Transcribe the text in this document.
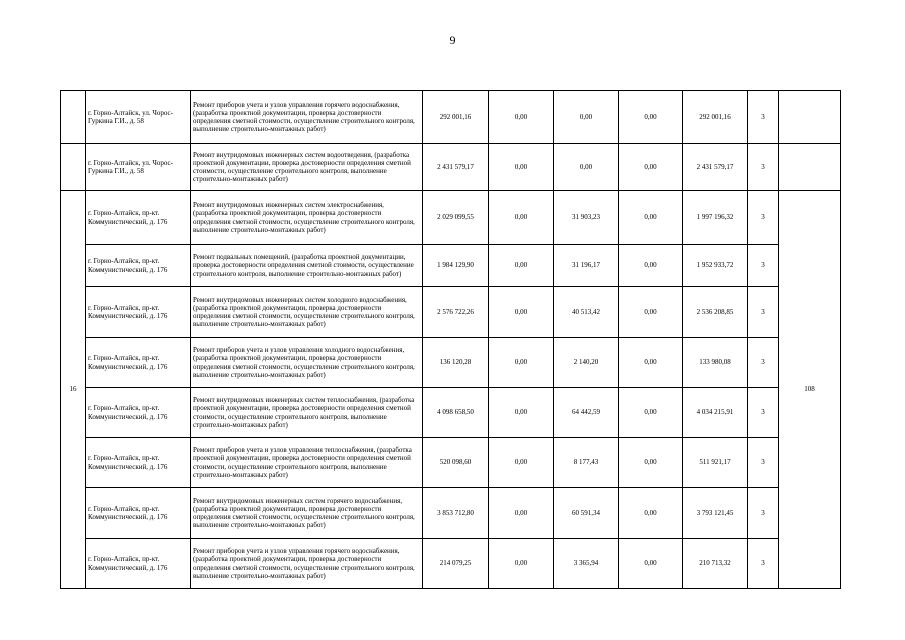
9
	г. Горно-Алтайск, ул. Чорос-Гуркина Г.И., д. 58	Ремонт приборов учета и узлов управления горячего водоснабжения, (разработка проектной документации, проверка достоверности определения сметной стоимости, осуществление строительного контроля, выполнение строительно-монтажных работ)	292 001,16	0,00	0,00	0,00	292 001,16	3	
	г. Горно-Алтайск, ул. Чорос-Гуркина Г.И., д. 58	Ремонт внутридомовых инженерных систем водоотведения, (разработка проектной документации, проверка достоверности определения сметной стоимости, осуществление строительного контроля, выполнение строительно-монтажных работ)	2 431 579,17	0,00	0,00	0,00	2 431 579,17	3	
16	г. Горно-Алтайск, пр-кт. Коммунистический, д. 176	Ремонт внутридомовых инженерных систем электроснабжения, (разработка проектной документации, проверка достоверности определения сметной стоимости, осуществление строительного контроля, выполнение строительно-монтажных работ)	2 029 099,55	0,00	31 903,23	0,00	1 997 196,32	3	108
	г. Горно-Алтайск, пр-кт. Коммунистический, д. 176	Ремонт подвальных помещений, (разработка проектной документации, проверка достоверности определения сметной стоимости, осуществление строительного контроля, выполнение строительно-монтажных работ)	1 984 129,90	0,00	31 196,17	0,00	1 952 933,72	3	
	г. Горно-Алтайск, пр-кт. Коммунистический, д. 176	Ремонт внутридомовых инженерных систем холодного водоснабжения, (разработка проектной документации, проверка достоверности определения сметной стоимости, осуществление строительного контроля, выполнение строительно-монтажных работ)	2 576 722,26	0,00	40 513,42	0,00	2 536 208,85	3	
	г. Горно-Алтайск, пр-кт. Коммунистический, д. 176	Ремонт приборов учета и узлов управления холодного водоснабжения, (разработка проектной документации, проверка достоверности определения сметной стоимости, осуществление строительного контроля, выполнение строительно-монтажных работ)	136 120,28	0,00	2 140,20	0,00	133 980,08	3	
	г. Горно-Алтайск, пр-кт. Коммунистический, д. 176	Ремонт внутридомовых инженерных систем теплоснабжения, (разработка проектной документации, проверка достоверности определения сметной стоимости, осуществление строительного контроля, выполнение строительно-монтажных работ)	4 098 658,50	0,00	64 442,59	0,00	4 034 215,91	3	
	г. Горно-Алтайск, пр-кт. Коммунистический, д. 176	Ремонт приборов учета и узлов управления теплоснабжения, (разработка проектной документации, проверка достоверности определения сметной стоимости, осуществление строительного контроля, выполнение строительно-монтажных работ)	520 098,60	0,00	8 177,43	0,00	511 921,17	3	
	г. Горно-Алтайск, пр-кт. Коммунистический, д. 176	Ремонт внутридомовых инженерных систем горячего водоснабжения, (разработка проектной документации, проверка достоверности определения сметной стоимости, осуществление строительного контроля, выполнение строительно-монтажных работ)	3 853 712,80	0,00	60 591,34	0,00	3 793 121,45	3	
	г. Горно-Алтайск, пр-кт. Коммунистический, д. 176	Ремонт приборов учета и узлов управления горячего водоснабжения, (разработка проектной документации, проверка достоверности определения сметной стоимости, осуществление строительного контроля, выполнение строительно-монтажных работ)	214 079,25	0,00	3 365,94	0,00	210 713,32	3	
